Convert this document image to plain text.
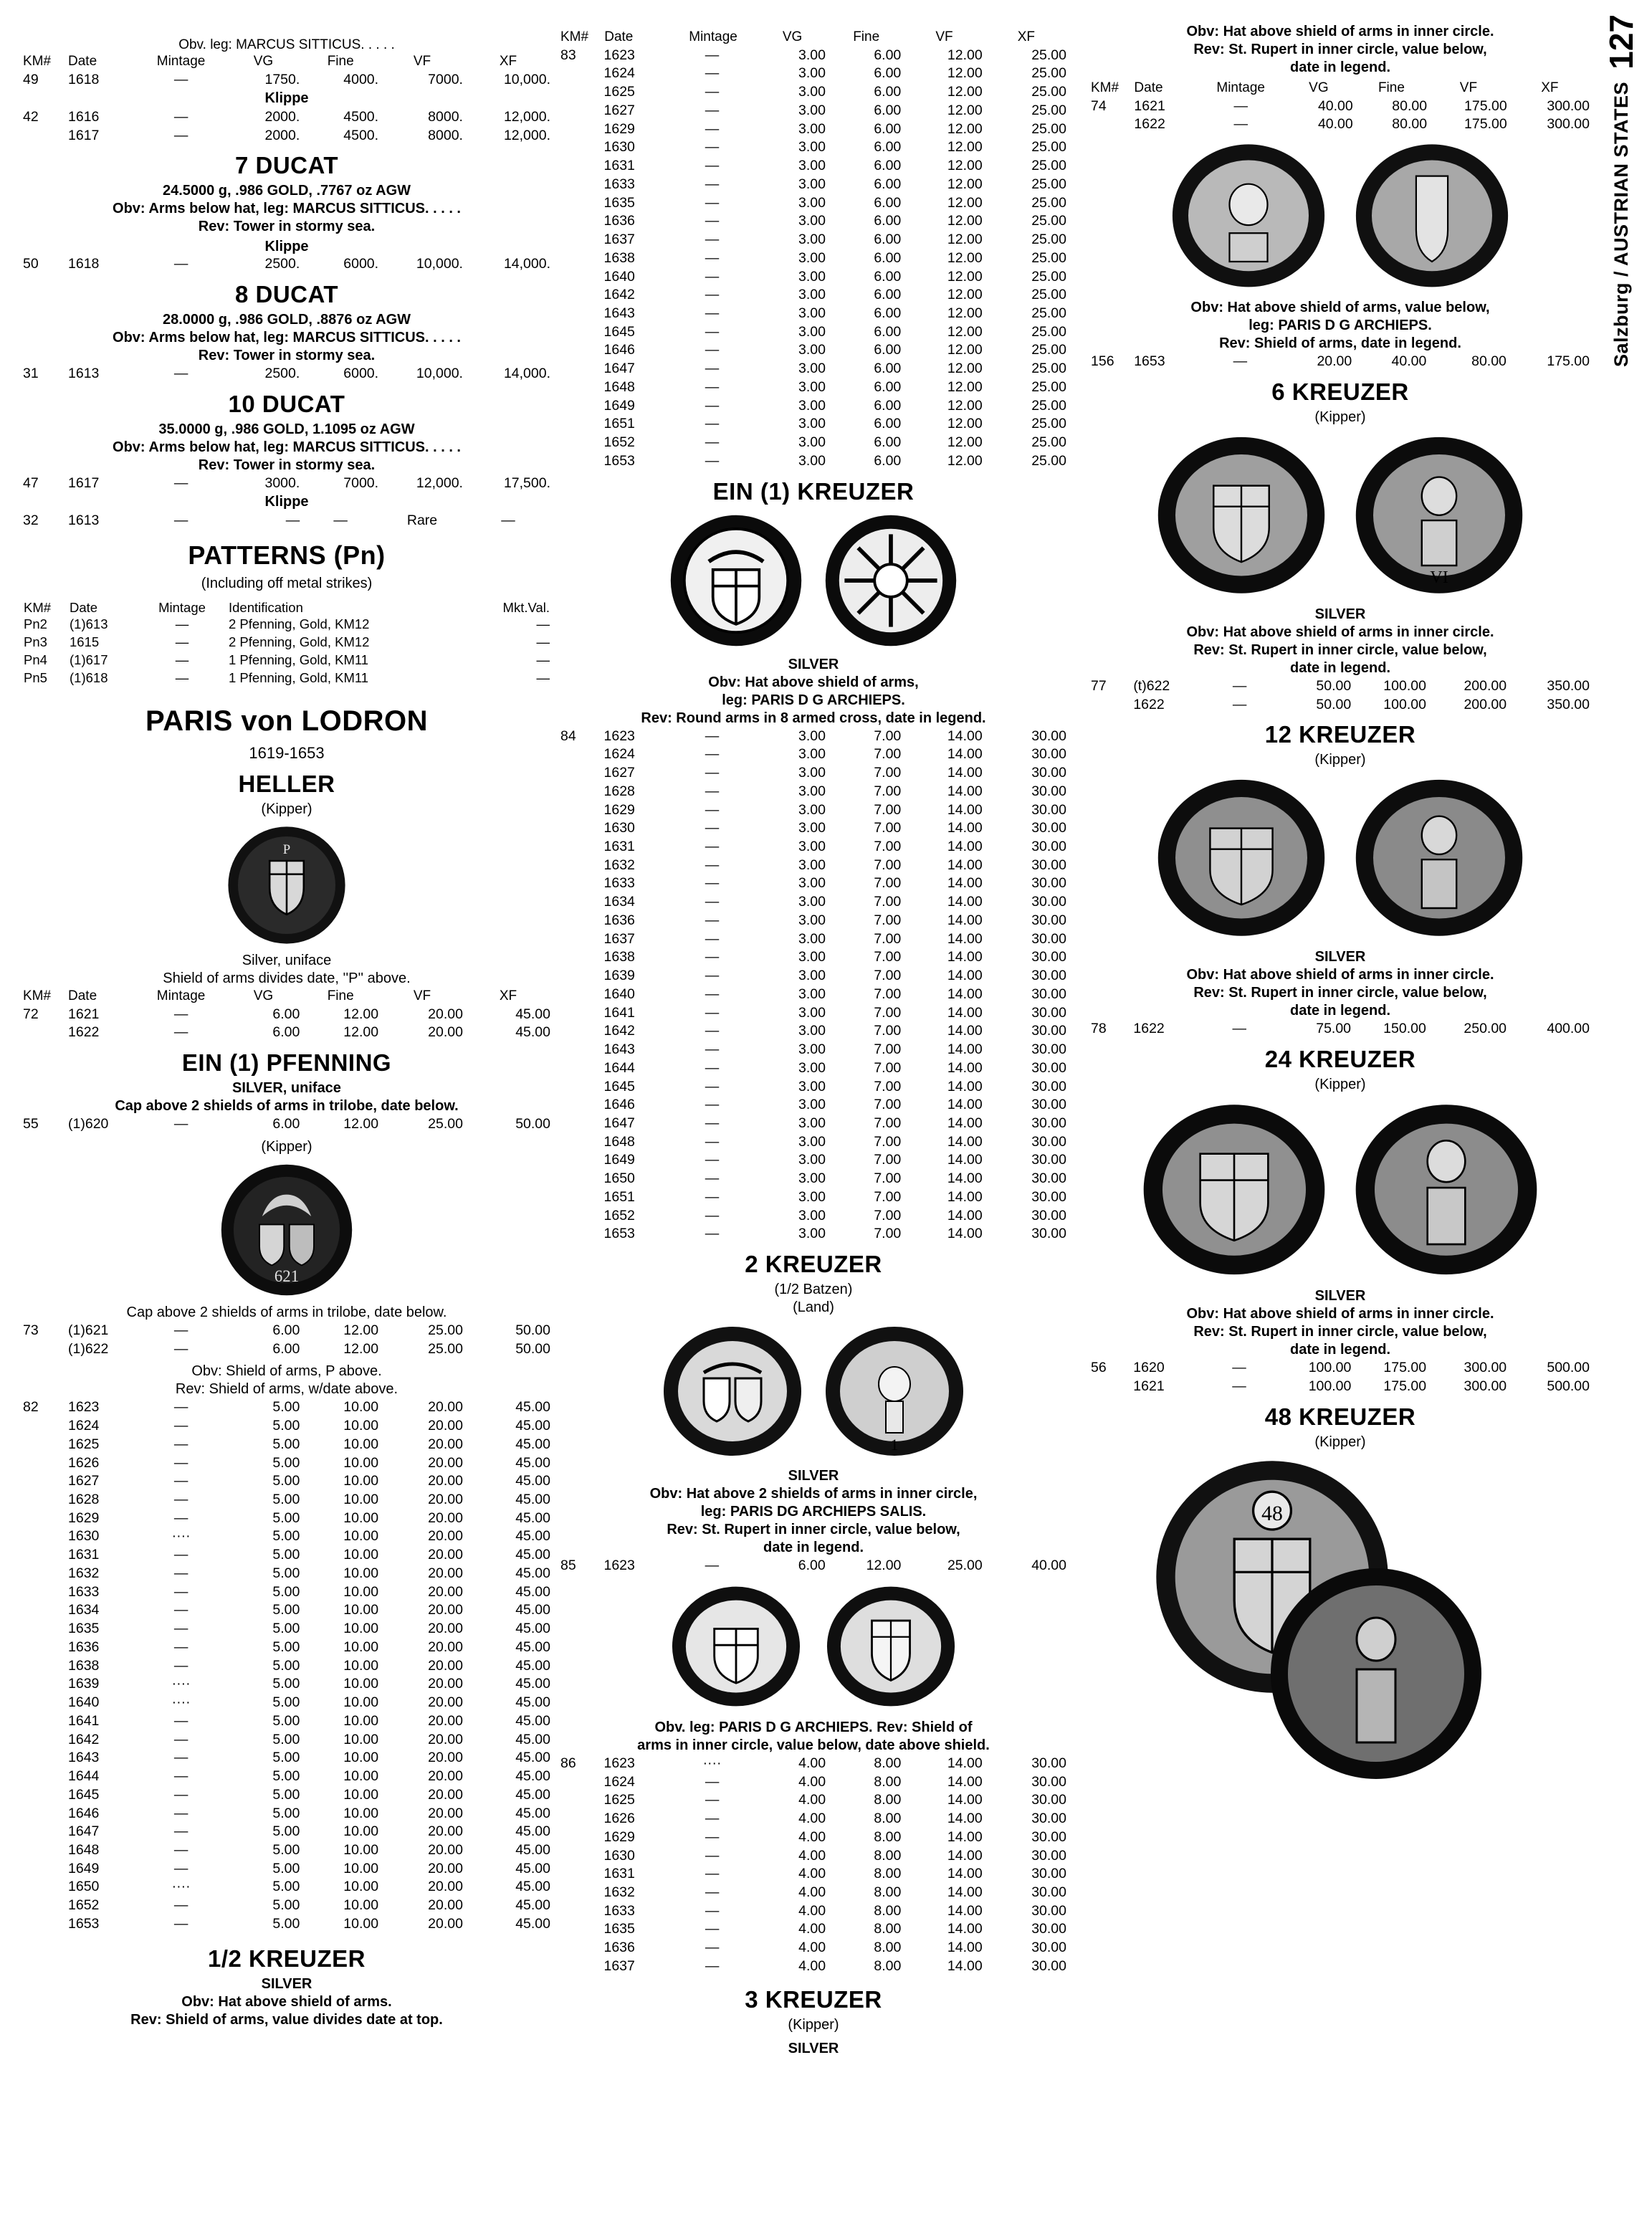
127 Salzburg / AUSTRIAN STATES
Obv. leg: MARCUS SITTICUS. . . . .
KM#	Date	Mintage	VG	Fine	VF	XF
49	1618	—	1750.	4000.	7000.	10,000.
Klippe						
42	1616	—	2000.	4500.	8000.	12,000.
	1617	—	2000.	4500.	8000.	12,000.
7 DUCAT
24.5000 g, .986 GOLD, .7767 oz AGW
Obv: Arms below hat, leg: MARCUS SITTICUS. . . . .
Rev: Tower in stormy sea.
Klippe
50	1618	—	2500.	6000.	10,000.	14,000.
8 DUCAT
28.0000 g, .986 GOLD, .8876 oz AGW
Obv: Arms below hat, leg: MARCUS SITTICUS. . . . .
Rev: Tower in stormy sea.
31	1613	—	2500.	6000.	10,000.	14,000.
10 DUCAT
35.0000 g, .986 GOLD, 1.1095 oz AGW
Obv: Arms below hat, leg: MARCUS SITTICUS. . . . .
Rev: Tower in stormy sea.
47	1617	—	3000.	7000.	12,000.	17,500.
Klippe						
32	1613	—	—	—	Rare	—
PATTERNS (Pn)
(Including off metal strikes)
KM#	Date	Mintage	Identification	Mkt.Val.
Pn2	(1)613	—	2 Pfenning, Gold, KM12	—
Pn3	1615	—	2 Pfenning, Gold, KM12	—
Pn4	(1)617	—	1 Pfenning, Gold, KM11	—
Pn5	(1)618	—	1 Pfenning, Gold, KM11	—
PARIS von LODRON
1619-1653
HELLER
(Kipper)
P
Silver, uniface
Shield of arms divides date, ''P'' above.
KM#	Date	Mintage	VG	Fine	VF	XF
72	1621	—	6.00	12.00	20.00	45.00
	1622	—	6.00	12.00	20.00	45.00
EIN (1) PFENNING
SILVER, uniface
Cap above 2 shields of arms in trilobe, date below.
55	(1)620	—	6.00	12.00	25.00	50.00
(Kipper)
621
Cap above 2 shields of arms in trilobe, date below.
73	(1)621	—	6.00	12.00	25.00	50.00
	(1)622	—	6.00	12.00	25.00	50.00
Obv: Shield of arms, P above.
Rev: Shield of arms, w/date above.
82	1623	—	5.00	10.00	20.00	45.00
	1624	—	5.00	10.00	20.00	45.00
	1625	—	5.00	10.00	20.00	45.00
	1626	—	5.00	10.00	20.00	45.00
	1627	—	5.00	10.00	20.00	45.00
	1628	—	5.00	10.00	20.00	45.00
	1629	—	5.00	10.00	20.00	45.00
	1630	····	5.00	10.00	20.00	45.00
	1631	—	5.00	10.00	20.00	45.00
	1632	—	5.00	10.00	20.00	45.00
	1633	—	5.00	10.00	20.00	45.00
	1634	—	5.00	10.00	20.00	45.00
	1635	—	5.00	10.00	20.00	45.00
	1636	—	5.00	10.00	20.00	45.00
	1638	—	5.00	10.00	20.00	45.00
	1639	····	5.00	10.00	20.00	45.00
	1640	····	5.00	10.00	20.00	45.00
	1641	—	5.00	10.00	20.00	45.00
	1642	—	5.00	10.00	20.00	45.00
	1643	—	5.00	10.00	20.00	45.00
	1644	—	5.00	10.00	20.00	45.00
	1645	—	5.00	10.00	20.00	45.00
	1646	—	5.00	10.00	20.00	45.00
	1647	—	5.00	10.00	20.00	45.00
	1648	—	5.00	10.00	20.00	45.00
	1649	—	5.00	10.00	20.00	45.00
	1650	····	5.00	10.00	20.00	45.00
	1652	—	5.00	10.00	20.00	45.00
	1653	—	5.00	10.00	20.00	45.00
1/2 KREUZER
SILVER
Obv: Hat above shield of arms.
Rev: Shield of arms, value divides date at top.
KM#	Date	Mintage	VG	Fine	VF	XF
83	1623	—	3.00	6.00	12.00	25.00
	1624	—	3.00	6.00	12.00	25.00
	1625	—	3.00	6.00	12.00	25.00
	1627	—	3.00	6.00	12.00	25.00
	1629	—	3.00	6.00	12.00	25.00
	1630	—	3.00	6.00	12.00	25.00
	1631	—	3.00	6.00	12.00	25.00
	1633	—	3.00	6.00	12.00	25.00
	1635	—	3.00	6.00	12.00	25.00
	1636	—	3.00	6.00	12.00	25.00
	1637	—	3.00	6.00	12.00	25.00
	1638	—	3.00	6.00	12.00	25.00
	1640	—	3.00	6.00	12.00	25.00
	1642	—	3.00	6.00	12.00	25.00
	1643	—	3.00	6.00	12.00	25.00
	1645	—	3.00	6.00	12.00	25.00
	1646	—	3.00	6.00	12.00	25.00
	1647	—	3.00	6.00	12.00	25.00
	1648	—	3.00	6.00	12.00	25.00
	1649	—	3.00	6.00	12.00	25.00
	1651	—	3.00	6.00	12.00	25.00
	1652	—	3.00	6.00	12.00	25.00
	1653	—	3.00	6.00	12.00	25.00
EIN (1) KREUZER
SILVER
Obv: Hat above shield of arms,
leg: PARIS D G ARCHIEPS.
Rev: Round arms in 8 armed cross, date in legend.
84	1623	—	3.00	7.00	14.00	30.00
	1624	—	3.00	7.00	14.00	30.00
	1627	—	3.00	7.00	14.00	30.00
	1628	—	3.00	7.00	14.00	30.00
	1629	—	3.00	7.00	14.00	30.00
	1630	—	3.00	7.00	14.00	30.00
	1631	—	3.00	7.00	14.00	30.00
	1632	—	3.00	7.00	14.00	30.00
	1633	—	3.00	7.00	14.00	30.00
	1634	—	3.00	7.00	14.00	30.00
	1636	—	3.00	7.00	14.00	30.00
	1637	—	3.00	7.00	14.00	30.00
	1638	—	3.00	7.00	14.00	30.00
	1639	—	3.00	7.00	14.00	30.00
	1640	—	3.00	7.00	14.00	30.00
	1641	—	3.00	7.00	14.00	30.00
	1642	—	3.00	7.00	14.00	30.00
	1643	—	3.00	7.00	14.00	30.00
	1644	—	3.00	7.00	14.00	30.00
	1645	—	3.00	7.00	14.00	30.00
	1646	—	3.00	7.00	14.00	30.00
	1647	—	3.00	7.00	14.00	30.00
	1648	—	3.00	7.00	14.00	30.00
	1649	—	3.00	7.00	14.00	30.00
	1650	—	3.00	7.00	14.00	30.00
	1651	—	3.00	7.00	14.00	30.00
	1652	—	3.00	7.00	14.00	30.00
	1653	—	3.00	7.00	14.00	30.00
2 KREUZER
(1/2 Batzen)
(Land)
1
SILVER
Obv: Hat above 2 shields of arms in inner circle,
leg: PARIS DG ARCHIEPS SALIS.
Rev: St. Rupert in inner circle, value below,
date in legend.
85	1623	—	6.00	12.00	25.00	40.00
Obv. leg: PARIS D G ARCHIEPS. Rev: Shield of
arms in inner circle, value below, date above shield.
86	1623	····	4.00	8.00	14.00	30.00
	1624	—	4.00	8.00	14.00	30.00
	1625	—	4.00	8.00	14.00	30.00
	1626	—	4.00	8.00	14.00	30.00
	1629	—	4.00	8.00	14.00	30.00
	1630	—	4.00	8.00	14.00	30.00
	1631	—	4.00	8.00	14.00	30.00
	1632	—	4.00	8.00	14.00	30.00
	1633	—	4.00	8.00	14.00	30.00
	1635	—	4.00	8.00	14.00	30.00
	1636	—	4.00	8.00	14.00	30.00
	1637	—	4.00	8.00	14.00	30.00
3 KREUZER
(Kipper)
SILVER
Obv: Hat above shield of arms in inner circle.
Rev: St. Rupert in inner circle, value below,
date in legend.
KM#	Date	Mintage	VG	Fine	VF	XF
74	1621	—	40.00	80.00	175.00	300.00
	1622	—	40.00	80.00	175.00	300.00
Obv: Hat above shield of arms, value below,
leg: PARIS D G ARCHIEPS.
Rev: Shield of arms, date in legend.
156	1653	—	20.00	40.00	80.00	175.00
6 KREUZER
(Kipper)
VI
SILVER
Obv: Hat above shield of arms in inner circle.
Rev: St. Rupert in inner circle, value below,
date in legend.
77	(t)622	—	50.00	100.00	200.00	350.00
	1622	—	50.00	100.00	200.00	350.00
12 KREUZER
(Kipper)
SILVER
Obv: Hat above shield of arms in inner circle.
Rev: St. Rupert in inner circle, value below,
date in legend.
78	1622	—	75.00	150.00	250.00	400.00
24 KREUZER
(Kipper)
SILVER
Obv: Hat above shield of arms in inner circle.
Rev: St. Rupert in inner circle, value below,
date in legend.
56	1620	—	100.00	175.00	300.00	500.00
	1621	—	100.00	175.00	300.00	500.00
48 KREUZER
(Kipper)
48
